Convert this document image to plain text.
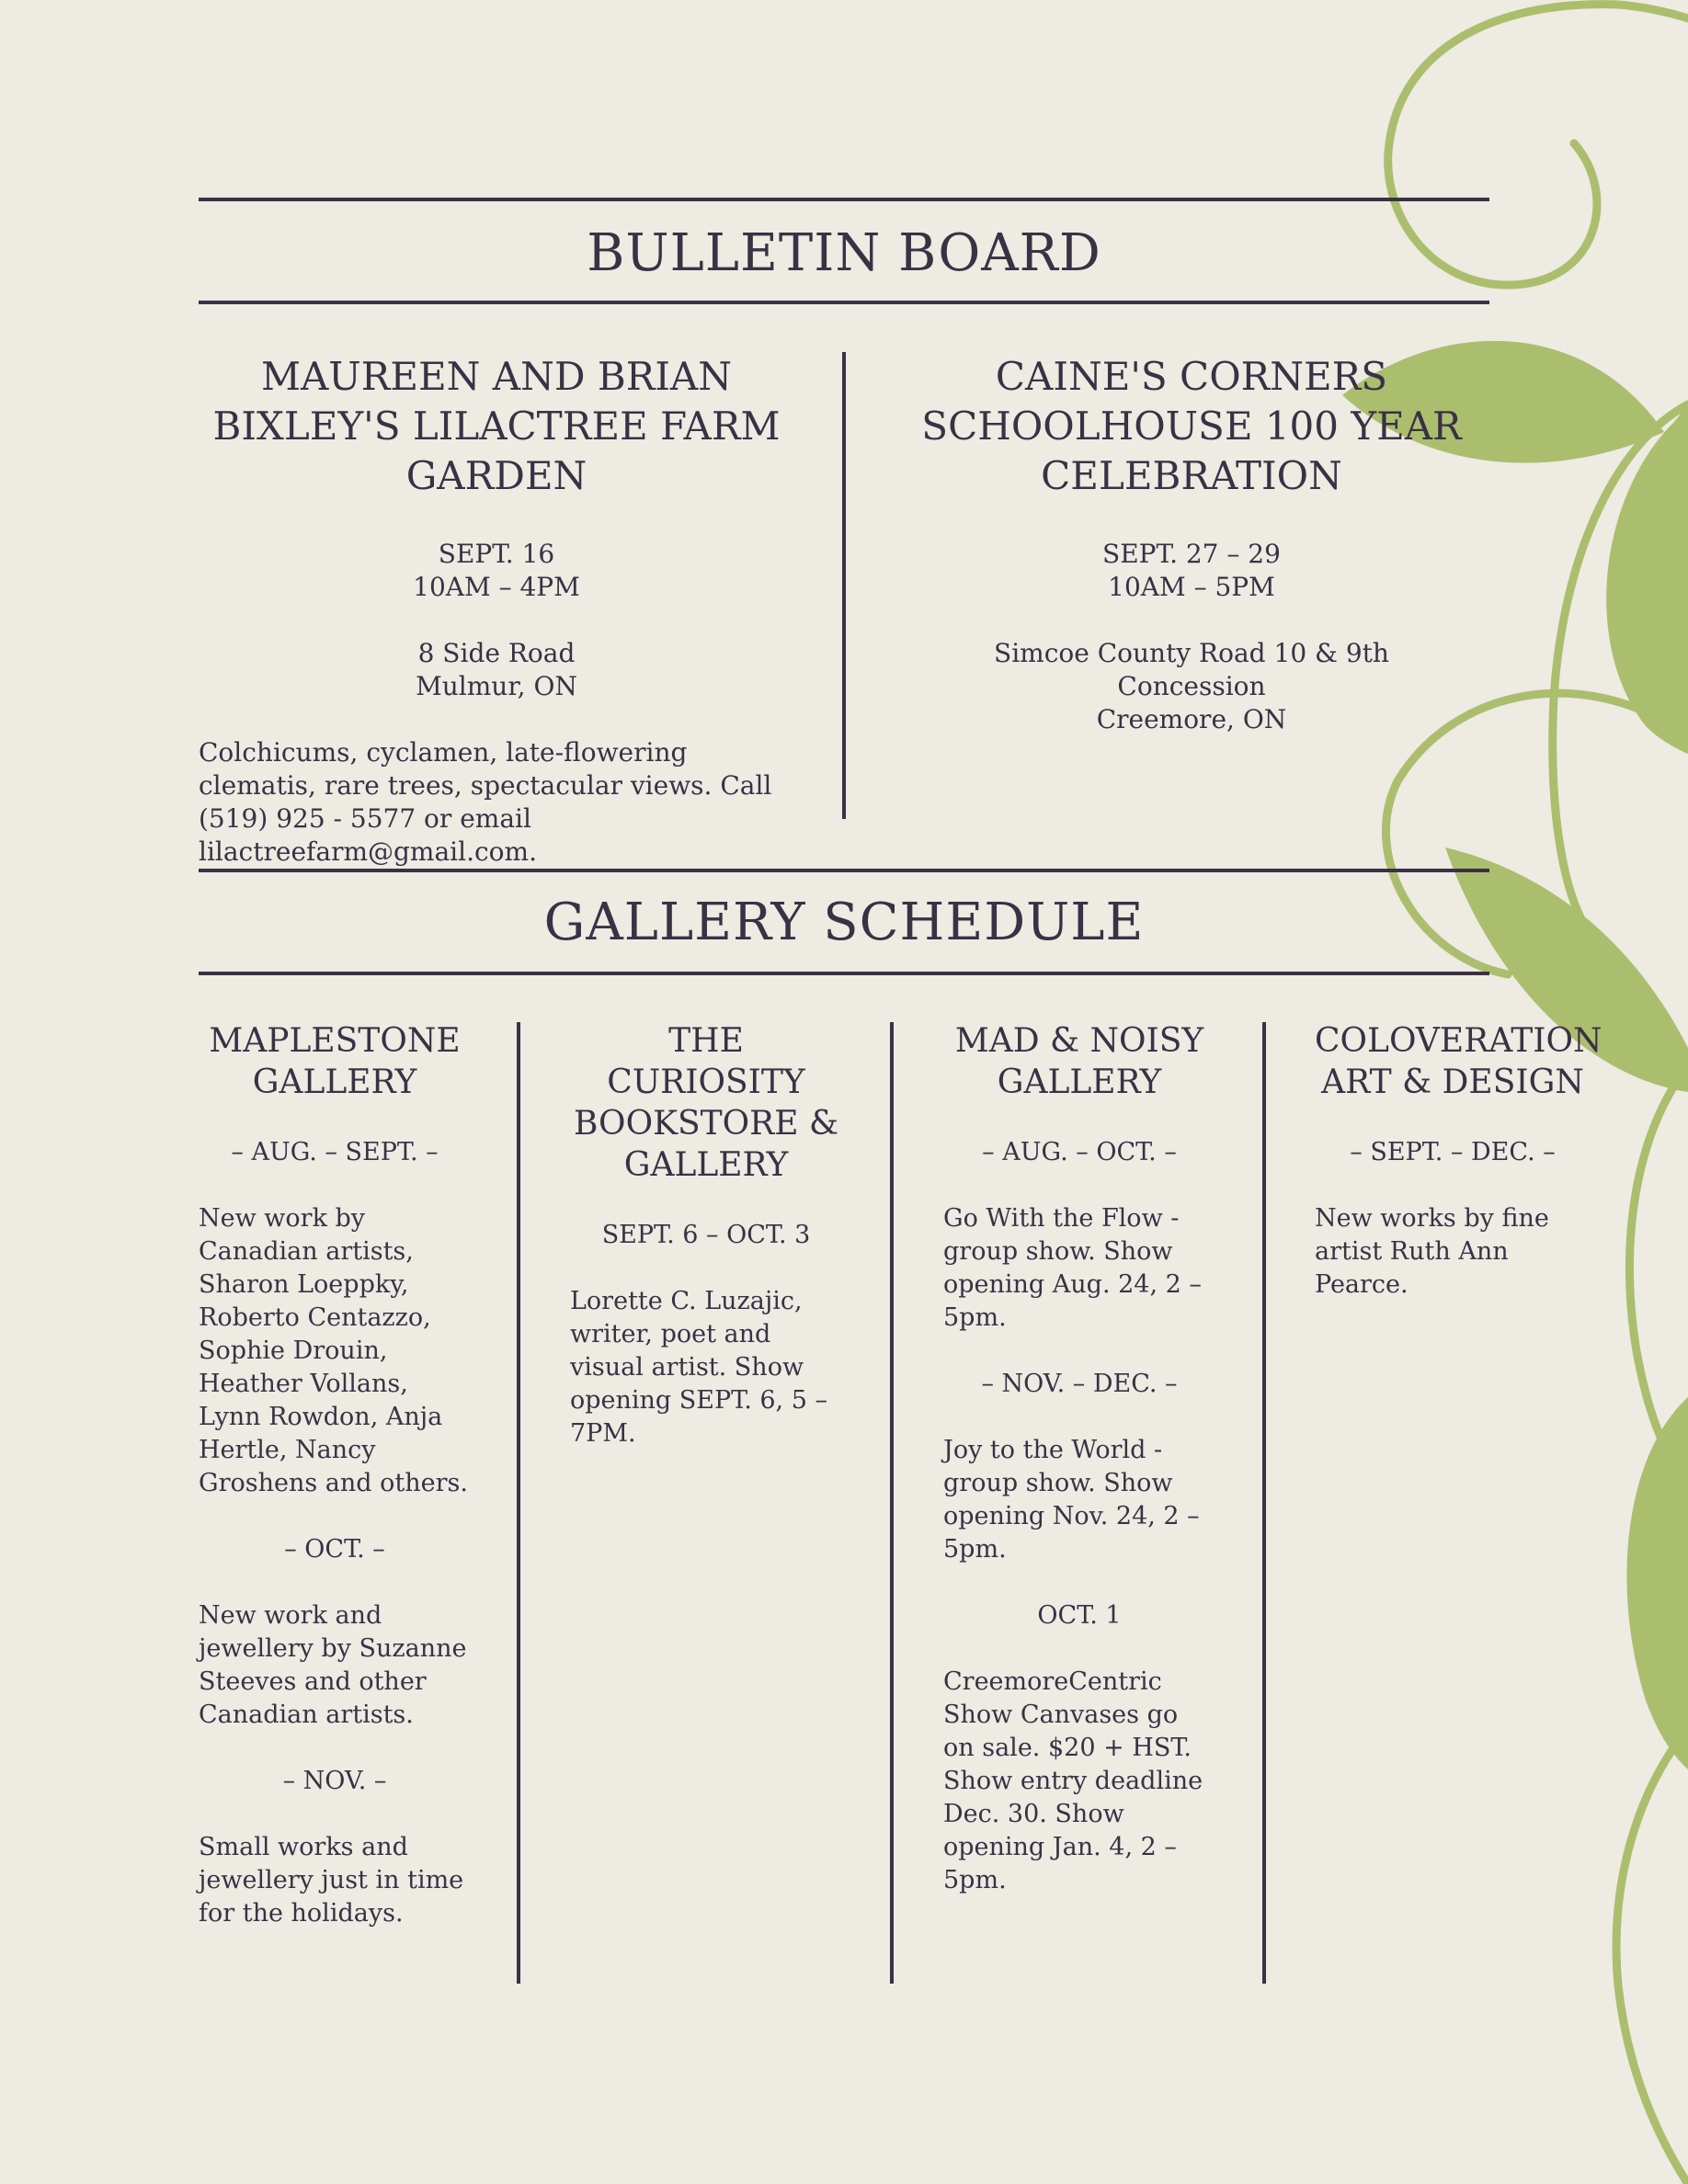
BULLETIN BOARD
MAUREEN AND BRIAN BIXLEY'S LILACTREE FARM GARDEN

SEPT. 16

10AM – 4PM

8 Side Road

Mulmur, ON

Colchicums, cyclamen, late-flowering clematis, rare trees, spectacular views. Call (519) 925 - 5577 or email lilactreefarm@gmail.com.

CAINE'S CORNERS SCHOOLHOUSE 100 YEAR CELEBRATION

SEPT. 27 – 29

10AM – 5PM

Simcoe County Road 10 & 9th Concession

Creemore, ON

GALLERY SCHEDULE
MAPLESTONE GALLERY

– AUG. – SEPT. –

New work by Canadian artists, Sharon Loeppky, Roberto Centazzo, Sophie Drouin, Heather Vollans, Lynn Rowdon, Anja Hertle, Nancy Groshens and others.

– OCT. –

New work and jewellery by Suzanne Steeves and other Canadian artists.

– NOV. –

Small works and jewellery just in time for the holidays.

THE CURIOSITY BOOKSTORE & GALLERY

SEPT. 6 – OCT. 3

Lorette C. Luzajic, writer, poet and visual artist. Show opening SEPT. 6, 5 – 7PM.

MAD & NOISY GALLERY

– AUG. – OCT. –

Go With the Flow - group show. Show opening Aug. 24, 2 – 5pm.

– NOV. – DEC. –

Joy to the World - group show. Show opening Nov. 24, 2 – 5pm.

OCT. 1

CreemoreCentric Show Canvases go on sale. $20 + HST. Show entry deadline Dec. 30. Show opening Jan. 4, 2 – 5pm.

COLOVERATION ART & DESIGN

– SEPT. – DEC. –

New works by fine artist Ruth Ann Pearce.
